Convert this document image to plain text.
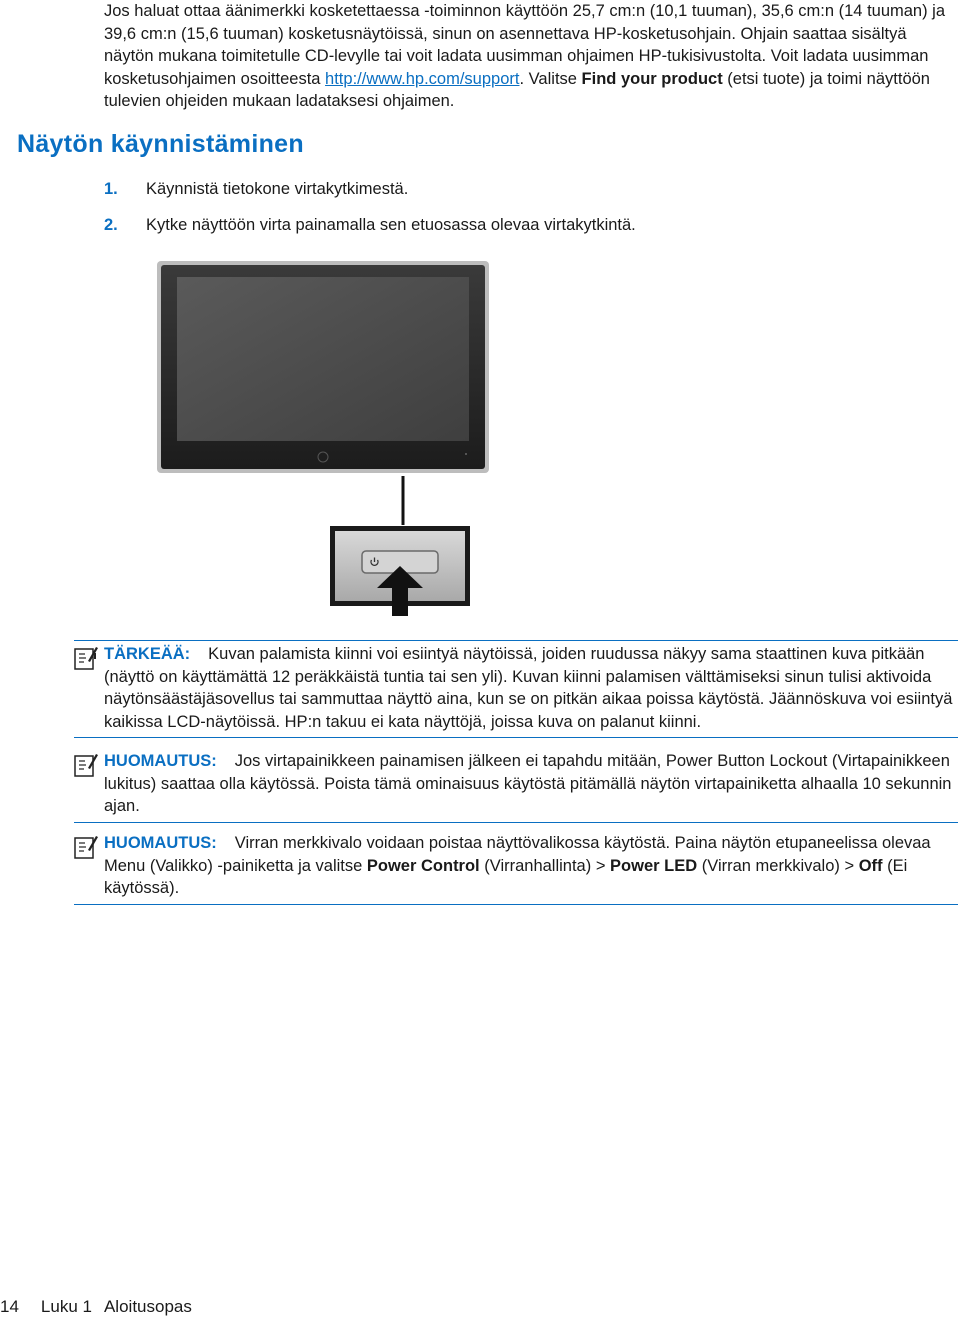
Jos haluat ottaa äänimerkki kosketettaessa -toiminnon käyttöön 25,7 cm:n (10,1 tuuman), 35,6 cm:n (14 tuuman) ja 39,6 cm:n (15,6 tuuman) kosketusnäytöissä, sinun on asennettava HP-kosketusohjain. Ohjain saattaa sisältyä näytön mukana toimitetulle CD-levylle tai voit ladata uusimman ohjaimen HP-tukisivustolta. Voit ladata uusimman kosketusohjaimen osoitteesta http://www.hp.com/support. Valitse Find your product (etsi tuote) ja toimi näyttöön tulevien ohjeiden mukaan ladataksesi ohjaimen.
Näytön käynnistäminen
1. Käynnistä tietokone virtakytkimestä.
2. Kytke näyttöön virta painamalla sen etuosassa olevaa virtakytkintä.
TÄRKEÄÄ: Kuvan palamista kiinni voi esiintyä näytöissä, joiden ruudussa näkyy sama staattinen kuva pitkään (näyttö on käyttämättä 12 peräkkäistä tuntia tai sen yli). Kuvan kiinni palamisen välttämiseksi sinun tulisi aktivoida näytönsäästäjäsovellus tai sammuttaa näyttö aina, kun se on pitkän aikaa poissa käytöstä. Jäännöskuva voi esiintyä kaikissa LCD-näytöissä. HP:n takuu ei kata näyttöjä, joissa kuva on palanut kiinni.
HUOMAUTUS: Jos virtapainikkeen painamisen jälkeen ei tapahdu mitään, Power Button Lockout (Virtapainikkeen lukitus) saattaa olla käytössä. Poista tämä ominaisuus käytöstä pitämällä näytön virtapainiketta alhaalla 10 sekunnin ajan.
HUOMAUTUS: Virran merkkivalo voidaan poistaa näyttövalikossa käytöstä. Paina näytön etupaneelissa olevaa Menu (Valikko) -painiketta ja valitse Power Control (Virranhallinta) > Power LED (Virran merkkivalo) > Off (Ei käytössä).
14 Luku 1 Aloitusopas
